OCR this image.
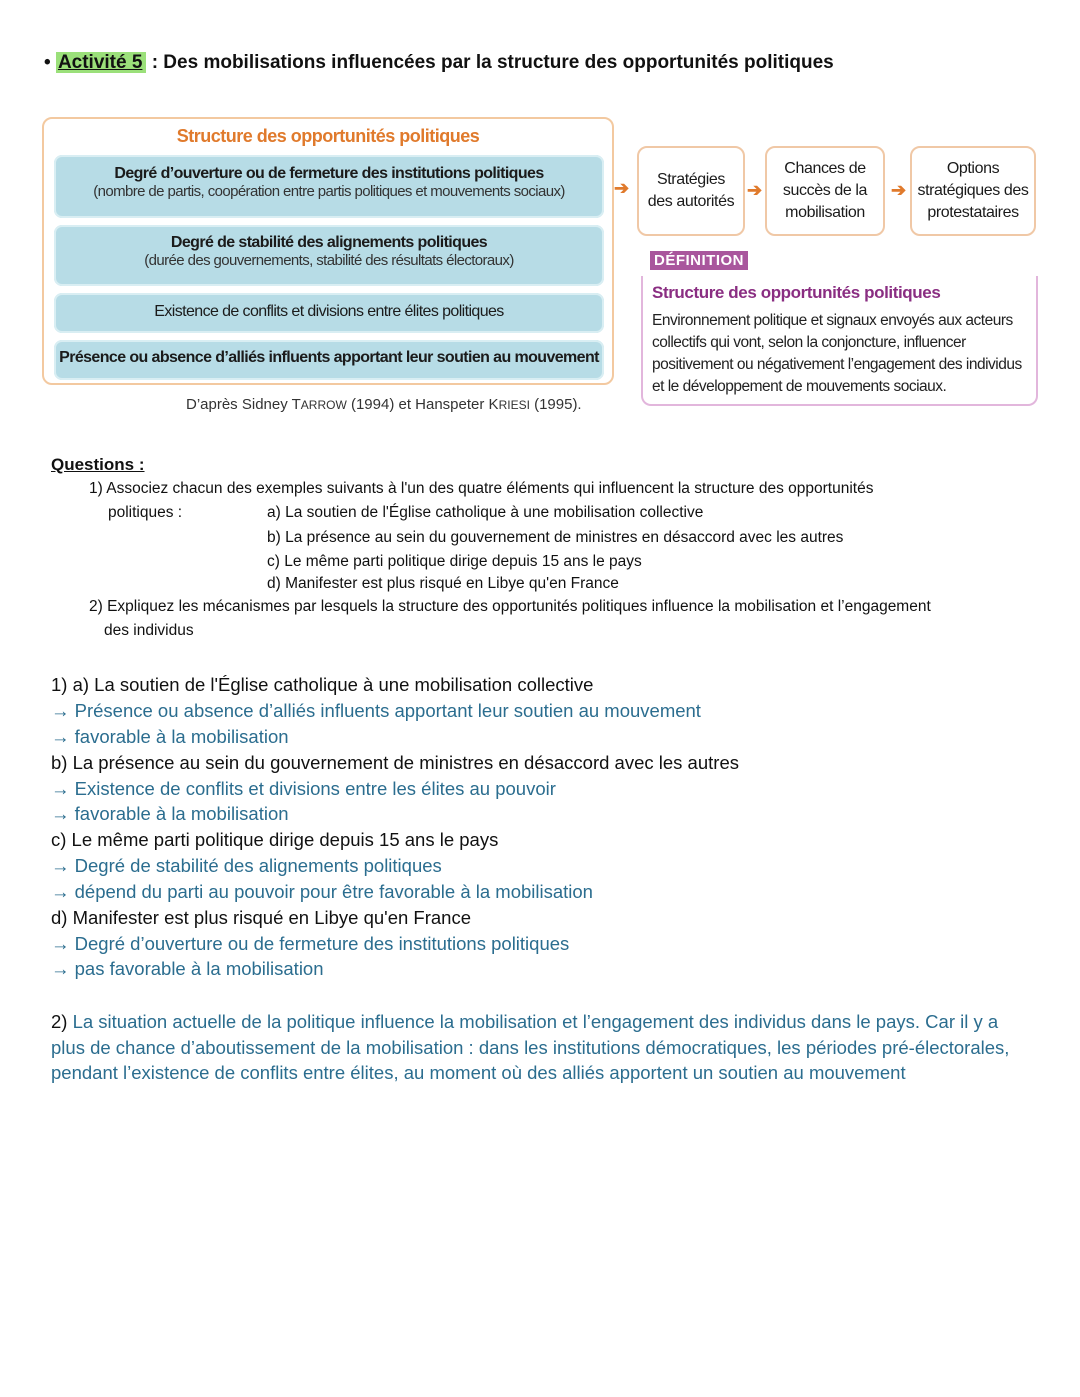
• Activité 5 : Des mobilisations influencées par la structure des opportunités politiques
Structure des opportunités politiques
Degré d’ouverture ou de fermeture des institutions politiques
(nombre de partis, coopération entre partis politiques et mouvements sociaux)
Degré de stabilité des alignements politiques
(durée des gouvernements, stabilité des résultats électoraux)
Existence de conflits et divisions entre élites politiques
Présence ou absence d’alliés influents apportant leur soutien au mouvement
D’après Sidney TARROW (1994) et Hanspeter KRIESI (1995).
➔	Stratégies des autorités
➔
Chances de succès de la mobilisation
➔
Options stratégiques des protestataires
DÉFINITION
Structure des opportunités politiques
Environnement politique et signaux envoyés aux acteurs collectifs qui vont, selon la conjoncture, influencer positivement ou négativement l’engagement des individus et le développement de mouvements sociaux.
Questions :
1) Associez chacun des exemples suivants à l'un des quatre éléments qui influencent la structure des opportunités
politiques :	a) La soutien de l'Église catholique à une mobilisation collective
b) La présence au sein du gouvernement de ministres en désaccord avec les autres
c) Le même parti politique dirige depuis 15 ans le pays
d) Manifester est plus risqué en Libye qu'en France
2) Expliquez les mécanismes par lesquels la structure des opportunités politiques influence la mobilisation et l’engagement
des individus
1) a) La soutien de l'Église catholique à une mobilisation collective
→ Présence ou absence d’alliés influents apportant leur soutien au mouvement
→ favorable à la mobilisation
b) La présence au sein du gouvernement de ministres en désaccord avec les autres
→ Existence de conflits et divisions entre les élites au pouvoir
→ favorable à la mobilisation
c) Le même parti politique dirige depuis 15 ans le pays
→ Degré de stabilité des alignements politiques
→ dépend du parti au pouvoir pour être favorable à la mobilisation
d) Manifester est plus risqué en Libye qu'en France
→ Degré d’ouverture ou de fermeture des institutions politiques
→ pas favorable à la mobilisation
2) La situation actuelle de la politique influence la mobilisation et l’engagement des individus dans le pays. Car il y a plus de chance d’aboutissement de la mobilisation : dans les institutions démocratiques, les périodes pré-électorales, pendant l’existence de conflits entre élites, au moment où des alliés apportent un soutien au mouvement
